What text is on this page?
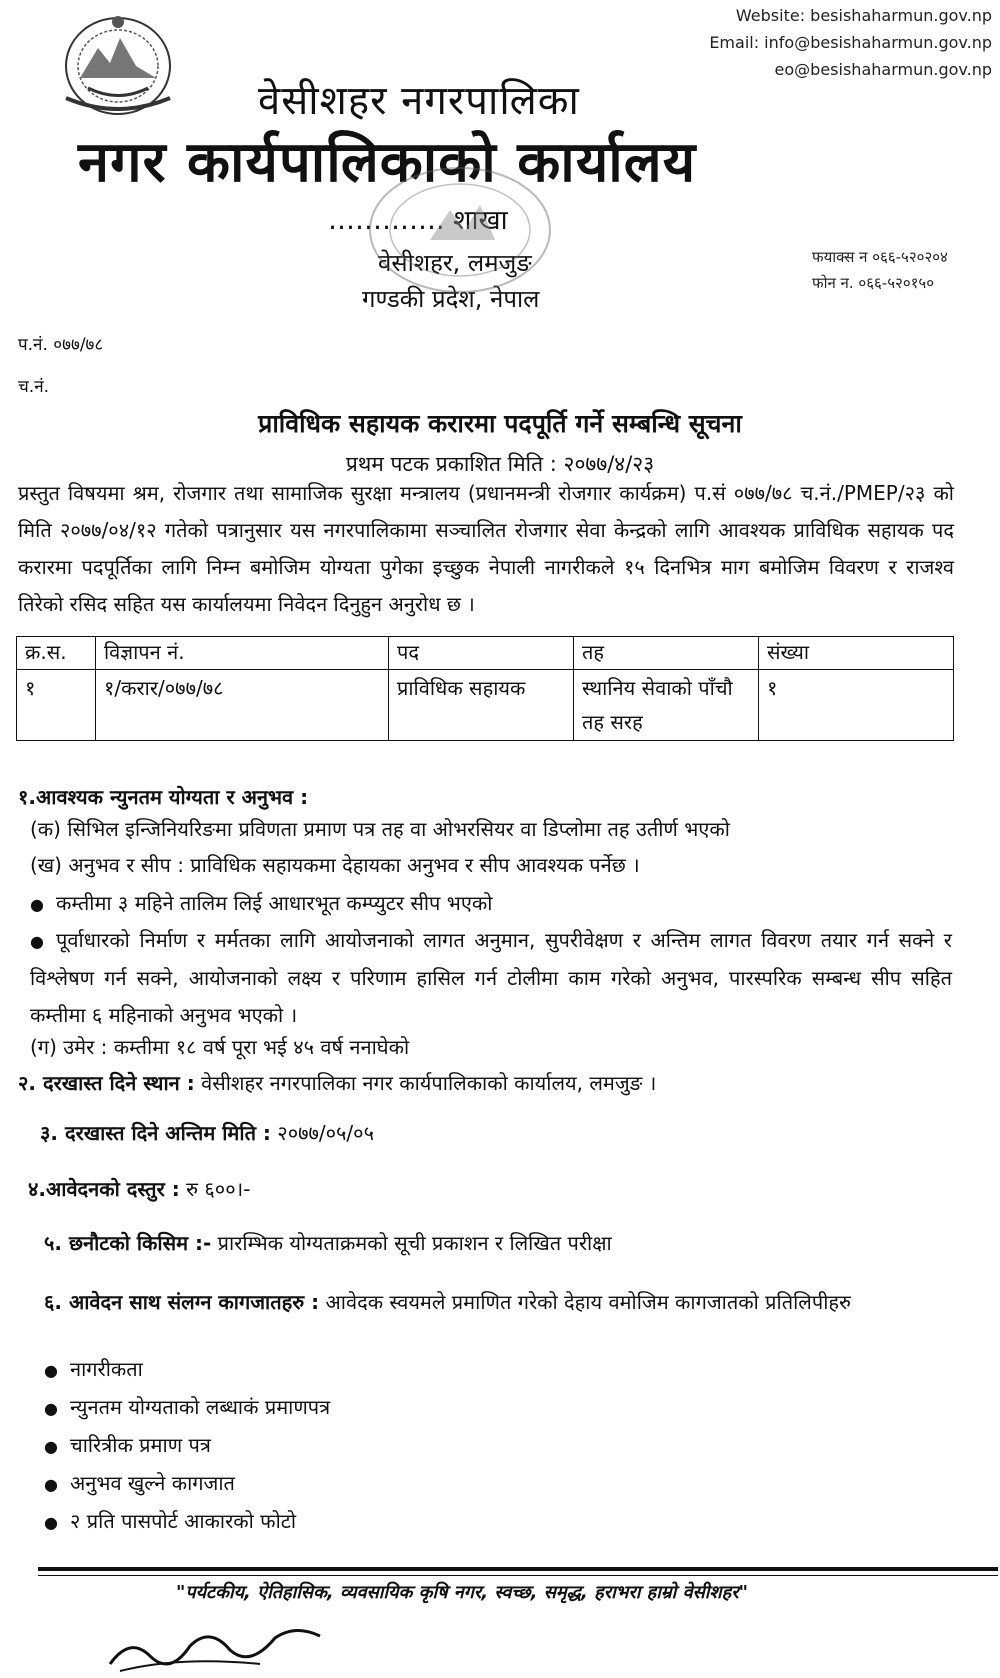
Website: besishaharmun.gov.np
Email: info@besishaharmun.gov.np
eo@besishaharmun.gov.np
वेसीशहर नगरपालिका
नगर कार्यपालिकाको कार्यालय
…………. शाखा
वेसीशहर, लमजुङ
गण्डकी प्रदेश, नेपाल
फयाक्स न ०६६-५२०२०४
फोन न. ०६६-५२०१५०
प.नं. ०७७/७८
च.नं.
प्राविधिक सहायक करारमा पदपूर्ति गर्ने सम्बन्धि सूचना
प्रथम पटक प्रकाशित मिति : २०७७/४/२३
प्रस्तुत विषयमा श्रम, रोजगार तथा सामाजिक सुरक्षा मन्त्रालय (प्रधानमन्त्री रोजगार कार्यक्रम) प.सं ०७७/७८ च.नं./PMEP/२३ को मिति २०७७/०४/१२ गतेको पत्रानुसार यस नगरपालिकामा सञ्चालित रोजगार सेवा केन्द्रको लागि आवश्यक प्राविधिक सहायक पद करारमा पदपूर्तिका लागि निम्न बमोजिम योग्यता पुगेका इच्छुक नेपाली नागरीकले १५ दिनभित्र माग बमोजिम विवरण र राजश्व तिरेको रसिद सहित यस कार्यालयमा निवेदन दिनुहुन अनुरोध छ ।
क्र.स.	विज्ञापन नं.	पद	तह	संख्या
१	१/करार/०७७/७८	प्राविधिक सहायक	स्थानिय सेवाको पाँचौ तह सरह	१
१.आवश्यक न्युनतम योग्यता र अनुभव :
(क) सिभिल इन्जिनियरिङमा प्रविणता प्रमाण पत्र तह वा ओभरसियर वा डिप्लोमा तह उतीर्ण भएको
(ख) अनुभव र सीप : प्राविधिक सहायकमा देहायका अनुभव र सीप आवश्यक पर्नेछ ।
● कम्तीमा ३ महिने तालिम लिई आधारभूत कम्प्युटर सीप भएको
● पूर्वाधारको निर्माण र मर्मतका लागि आयोजनाको लागत अनुमान, सुपरीवेक्षण र अन्तिम लागत विवरण तयार गर्न सक्ने र विश्लेषण गर्न सक्ने, आयोजनाको लक्ष्य र परिणाम हासिल गर्न टोलीमा काम गरेको अनुभव, पारस्परिक सम्बन्ध सीप सहित कम्तीमा ६ महिनाको अनुभव भएको ।
(ग) उमेर : कम्तीमा १८ वर्ष पूरा भई ४५ वर्ष ननाघेको
२. दरखास्त दिने स्थान : वेसीशहर नगरपालिका नगर कार्यपालिकाको कार्यालय, लमजुङ ।
३. दरखास्त दिने अन्तिम मिति : २०७७/०५/०५
४.आवेदनको दस्तुर : रु ६००।-
५. छनौटको किसिम :- प्रारम्भिक योग्यताक्रमको सूची प्रकाशन र लिखित परीक्षा
६. आवेदन साथ संलग्न कागजातहरु : आवेदक स्वयमले प्रमाणित गरेको देहाय वमोजिम कागजातको प्रतिलिपीहरु
● नागरीकता
● न्युनतम योग्यताको लब्धाकं प्रमाणपत्र
● चारित्रीक प्रमाण पत्र
● अनुभव खुल्ने कागजात
● २ प्रति पासपोर्ट आकारको फोटो
"पर्यटकीय, ऐतिहासिक, व्यवसायिक कृषि नगर, स्वच्छ, समृद्ध, हराभरा हाम्रो वेसीशहर"
